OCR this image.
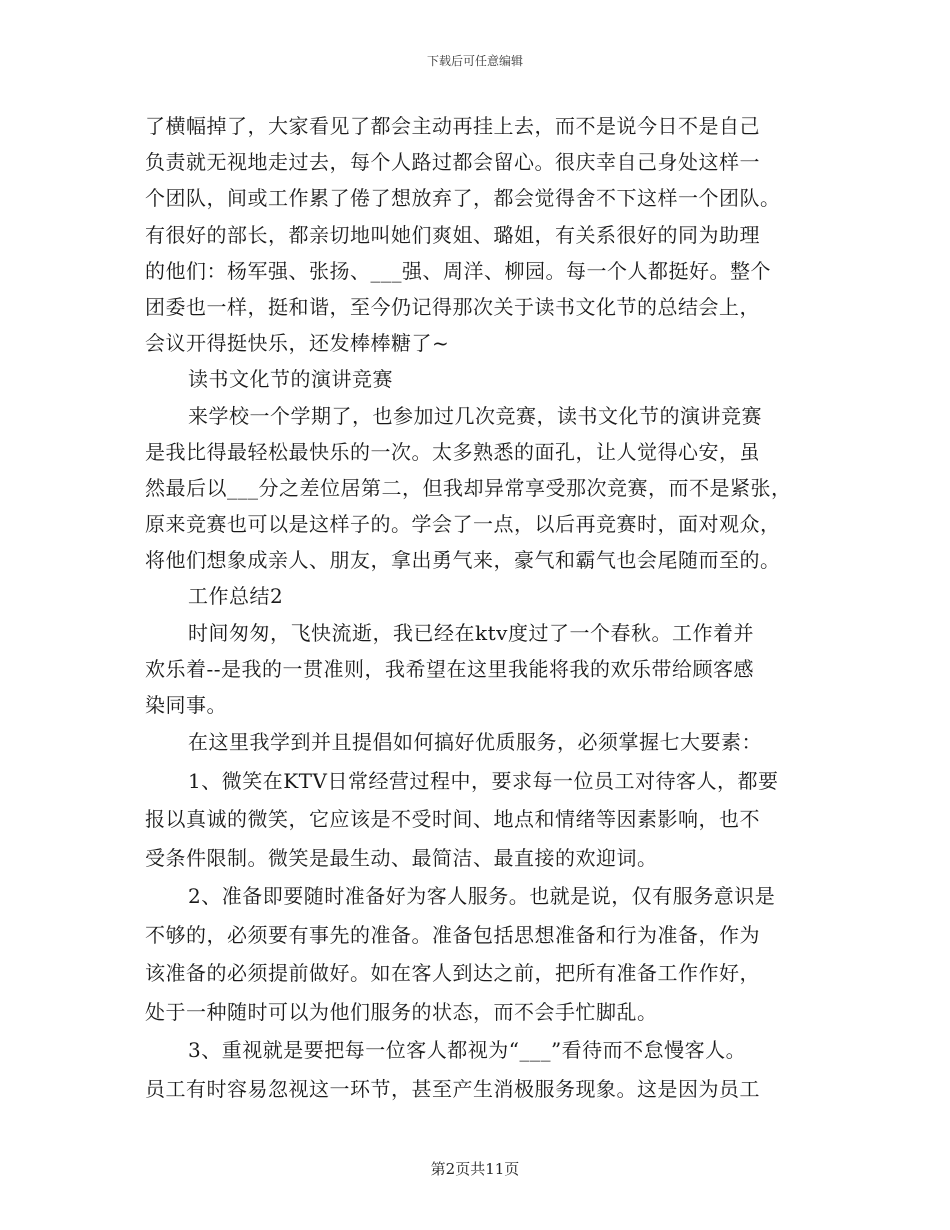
下载后可任意编辑
了横幅掉了，大家看见了都会主动再挂上去，而不是说今日不是自己
负责就无视地走过去，每个人路过都会留心。很庆幸自己身处这样一
个团队，间或工作累了倦了想放弃了，都会觉得舍不下这样一个团队。
有很好的部长，都亲切地叫她们爽姐、璐姐，有关系很好的同为助理
的他们：杨军强、张扬、___强、周洋、柳园。每一个人都挺好。整个
团委也一样，挺和谐，至今仍记得那次关于读书文化节的总结会上，
会议开得挺快乐，还发棒棒糖了~
读书文化节的演讲竞赛
来学校一个学期了，也参加过几次竞赛，读书文化节的演讲竞赛
是我比得最轻松最快乐的一次。太多熟悉的面孔，让人觉得心安，虽
然最后以___分之差位居第二，但我却异常享受那次竞赛，而不是紧张，
原来竞赛也可以是这样子的。学会了一点，以后再竞赛时，面对观众，
将他们想象成亲人、朋友，拿出勇气来，豪气和霸气也会尾随而至的。
工作总结2
时间匆匆，飞快流逝，我已经在ktv度过了一个春秋。工作着并
欢乐着--是我的一贯准则，我希望在这里我能将我的欢乐带给顾客感
染同事。
在这里我学到并且提倡如何搞好优质服务，必须掌握七大要素：
1、微笑在KTV日常经营过程中，要求每一位员工对待客人，都要
报以真诚的微笑，它应该是不受时间、地点和情绪等因素影响，也不
受条件限制。微笑是最生动、最简洁、最直接的欢迎词。
2、准备即要随时准备好为客人服务。也就是说，仅有服务意识是
不够的，必须要有事先的准备。准备包括思想准备和行为准备，作为
该准备的必须提前做好。如在客人到达之前，把所有准备工作作好，
处于一种随时可以为他们服务的状态，而不会手忙脚乱。
3、重视就是要把每一位客人都视为“___”看待而不怠慢客人。
员工有时容易忽视这一环节，甚至产生消极服务现象。这是因为员工
第2页共11页
